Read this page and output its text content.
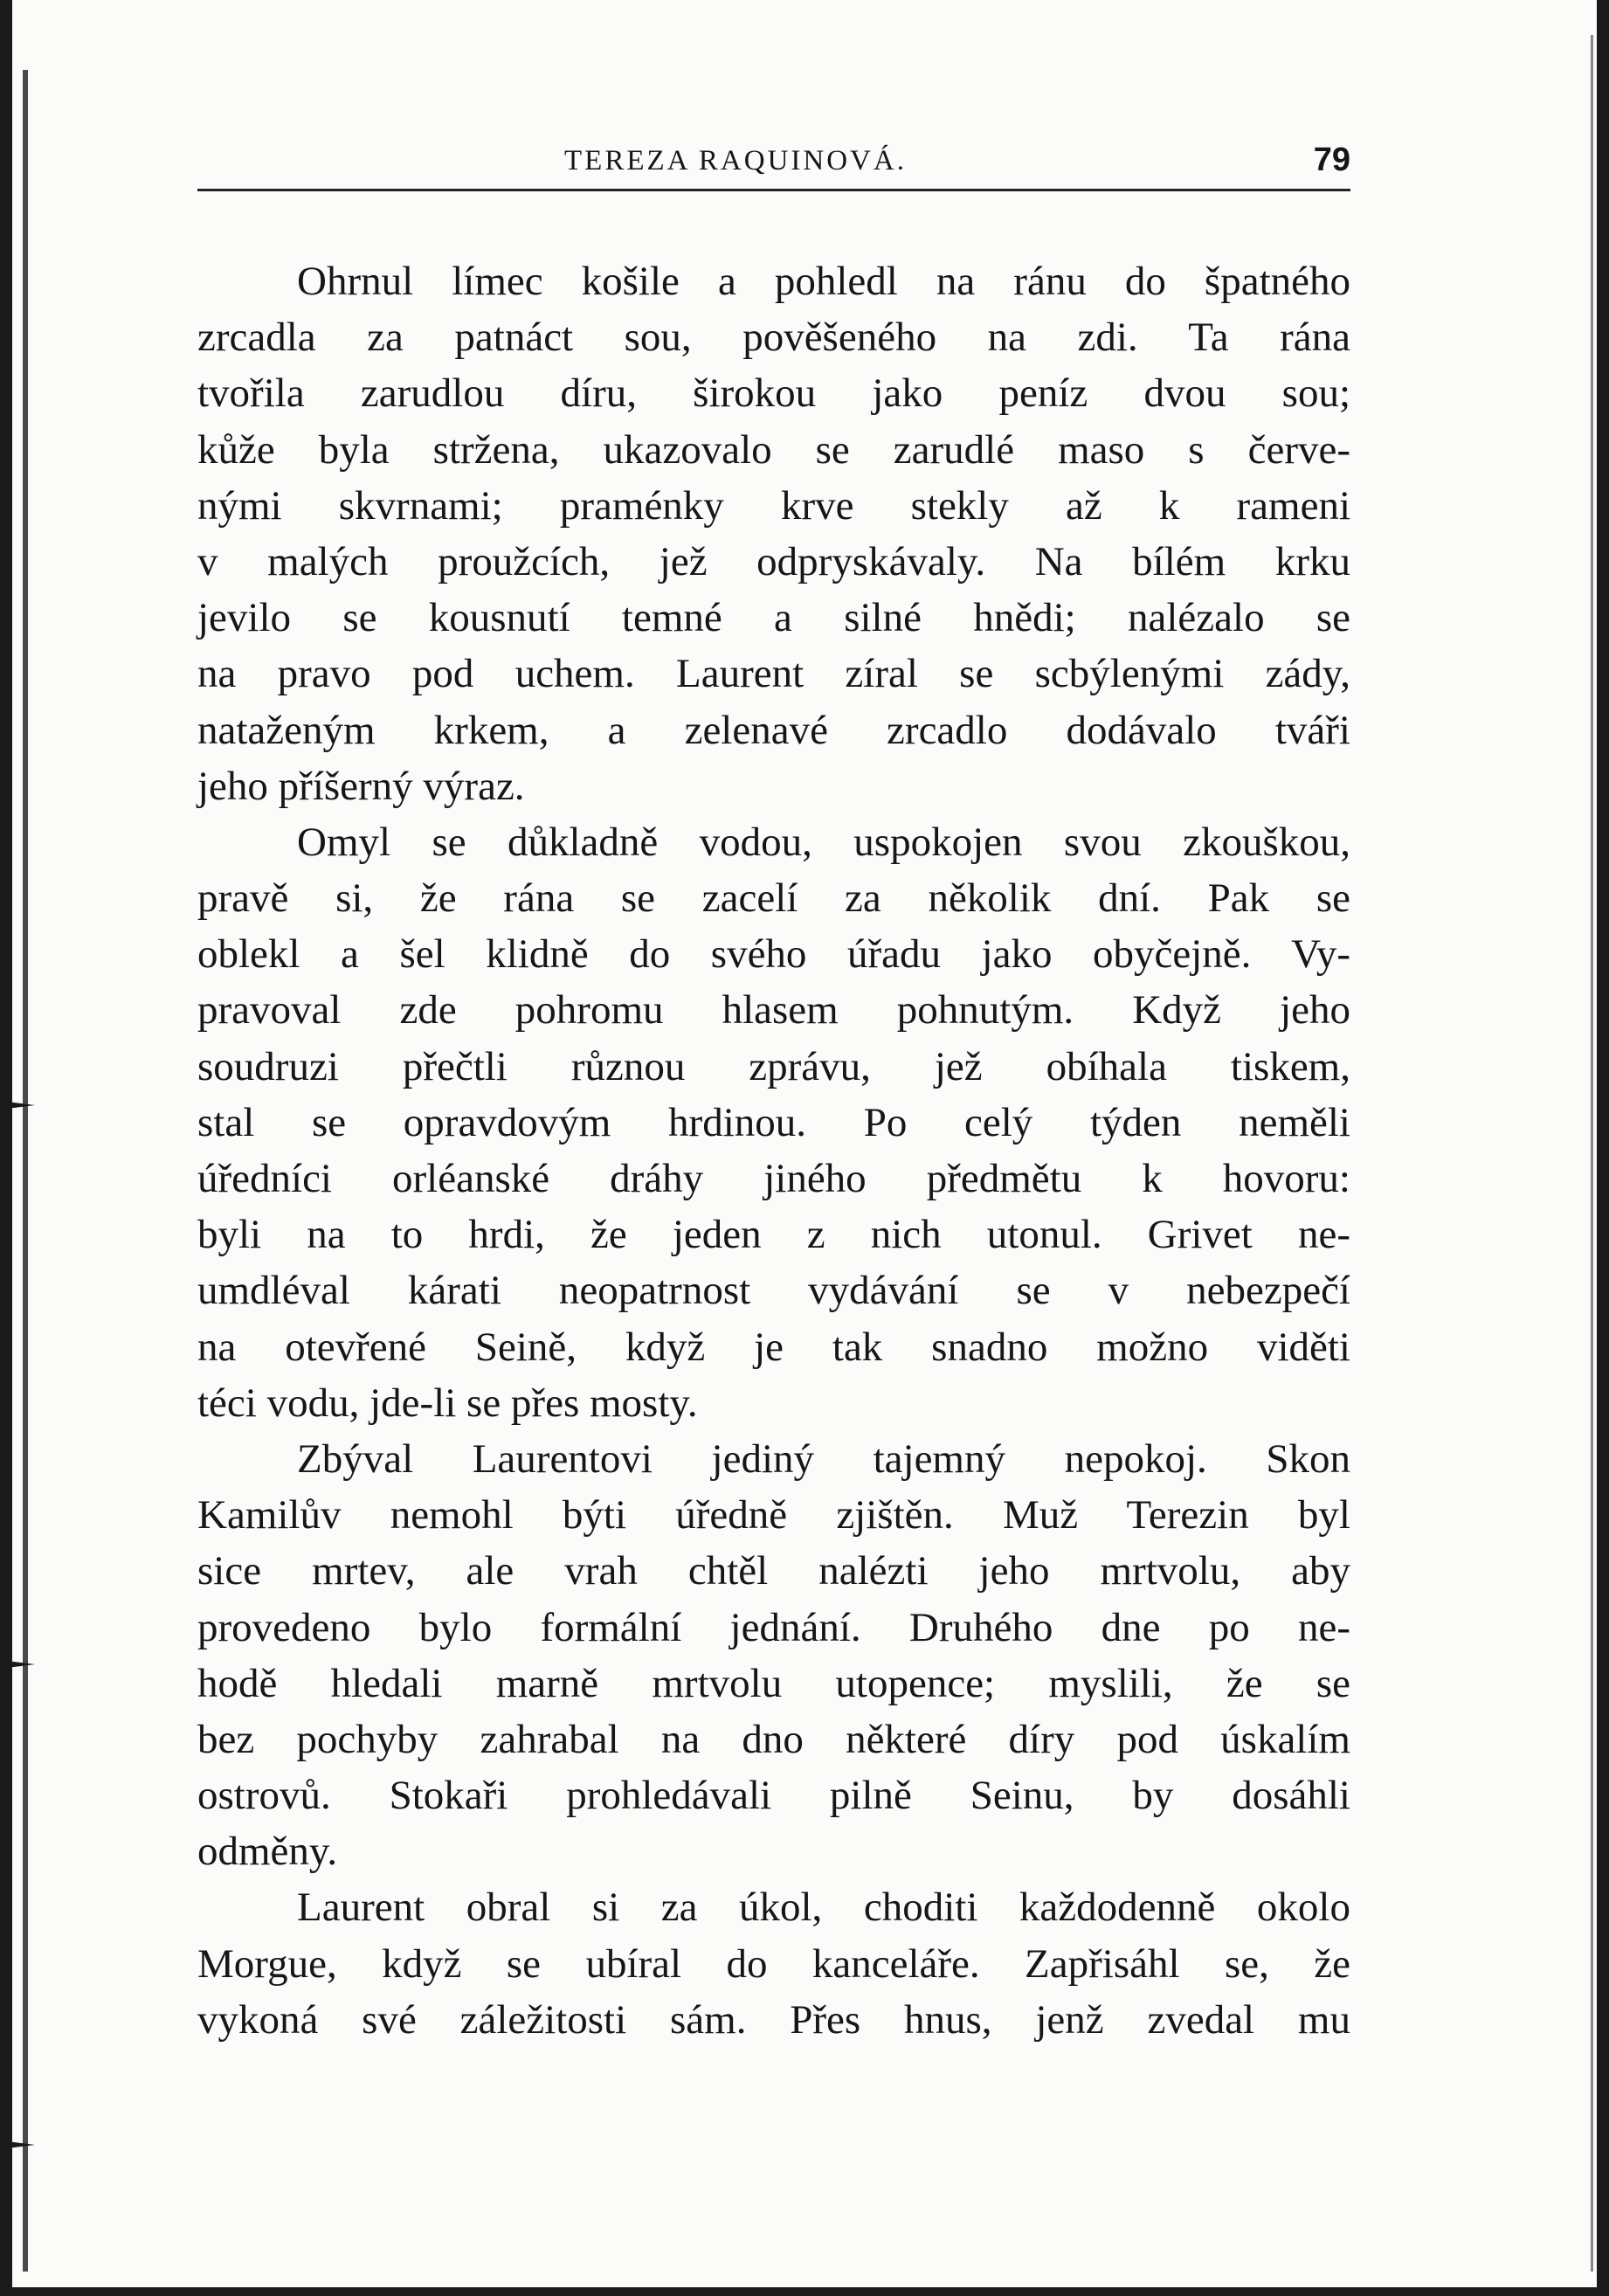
TEREZA RAQUINOVÁ.	79
Ohrnul límec košile a pohledl na ránu do špatného
zrcadla za patnáct sou, pověšeného na zdi. Ta rána
tvořila zarudlou díru, širokou jako peníz dvou sou;
kůže byla stržena, ukazovalo se zarudlé maso s červe-
nými skvrnami; praménky krve stekly až k rameni
v malých proužcích, jež odpryskávaly. Na bílém krku
jevilo se kousnutí temné a silné hnědi; nalézalo se
na pravo pod uchem. Laurent zíral se scbýlenými zády,
nataženým krkem, a zelenavé zrcadlo dodávalo tváři
jeho příšerný výraz.
Omyl se důkladně vodou, uspokojen svou zkouškou,
pravě si, že rána se zacelí za několik dní. Pak se
oblekl a šel klidně do svého úřadu jako obyčejně. Vy-
pravoval zde pohromu hlasem pohnutým. Když jeho
soudruzi přečtli různou zprávu, jež obíhala tiskem,
stal se opravdovým hrdinou. Po celý týden neměli
úředníci orléanské dráhy jiného předmětu k hovoru:
byli na to hrdi, že jeden z nich utonul. Grivet ne-
umdléval kárati neopatrnost vydávání se v nebezpečí
na otevřené Seině, když je tak snadno možno viděti
téci vodu, jde-li se přes mosty.
Zbýval Laurentovi jediný tajemný nepokoj. Skon
Kamilův nemohl býti úředně zjištěn. Muž Terezin byl
sice mrtev, ale vrah chtěl nalézti jeho mrtvolu, aby
provedeno bylo formální jednání. Druhého dne po ne-
hodě hledali marně mrtvolu utopence; myslili, že se
bez pochyby zahrabal na dno některé díry pod úskalím
ostrovů. Stokaři prohledávali pilně Seinu, by dosáhli
odměny.
Laurent obral si za úkol, choditi každodenně okolo
Morgue, když se ubíral do kanceláře. Zapřisáhl se, že
vykoná své záležitosti sám. Přes hnus, jenž zvedal mu
